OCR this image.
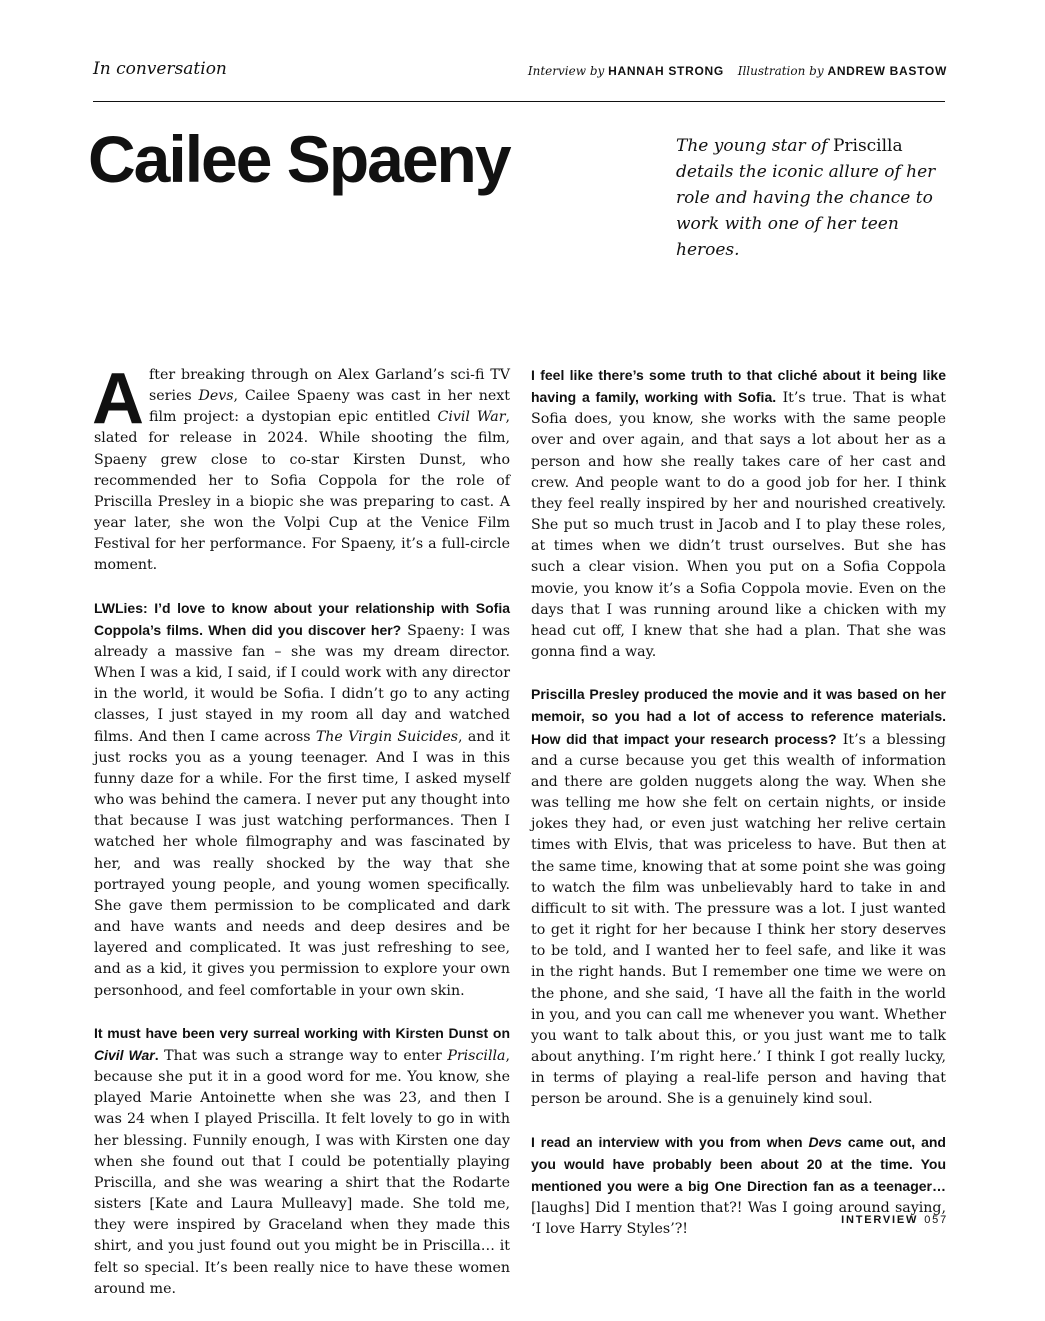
In conversation	Interview by HANNAH STRONG Illustration by ANDREW BASTOW
Cailee Spaeny	The young star of Priscilla details the iconic allure of her role and having the chance to work with one of her teen heroes.

After breaking through on Alex Garland’s sci-fi TV series Devs, Cailee Spaeny was cast in her next film project: a dystopian epic entitled Civil War, slated for release in 2024. While shooting the film, Spaeny grew close to co-star Kirsten Dunst, who recommended her to Sofia Coppola for the role of Priscilla Presley in a biopic she was preparing to cast. A year later, she won the Volpi Cup at the Venice Film Festival for her performance. For Spaeny, it’s a full-circle moment.

LWLies: I’d love to know about your relationship with Sofia Coppola’s films. When did you discover her? Spaeny: I was already a massive fan – she was my dream director. When I was a kid, I said, if I could work with any director in the world, it would be Sofia. I didn’t go to any acting classes, I just stayed in my room all day and watched films. And then I came across The Virgin Suicides, and it just rocks you as a young teenager. And I was in this funny daze for a while. For the first time, I asked myself who was behind the camera. I never put any thought into that because I was just watching performances. Then I watched her whole filmography and was fascinated by her, and was really shocked by the way that she portrayed young people, and young women specifically. She gave them permission to be complicated and dark and have wants and needs and deep desires and be layered and complicated. It was just refreshing to see, and as a kid, it gives you permission to explore your own personhood, and feel comfortable in your own skin.

It must have been very surreal working with Kirsten Dunst on Civil War. That was such a strange way to enter Priscilla, because she put it in a good word for me. You know, she played Marie Antoinette when she was 23, and then I was 24 when I played Priscilla. It felt lovely to go in with her blessing. Funnily enough, I was with Kirsten one day when she found out that I could be potentially playing Priscilla, and she was wearing a shirt that the Rodarte sisters [Kate and Laura Mulleavy] made. She told me, they were inspired by Graceland when they made this shirt, and you just found out you might be in Priscilla… it felt so special. It’s been really nice to have these women around me.

I feel like there’s some truth to that cliché about it being like having a family, working with Sofia. It’s true. That is what Sofia does, you know, she works with the same people over and over again, and that says a lot about her as a person and how she really takes care of her cast and crew. And people want to do a good job for her. I think they feel really inspired by her and nourished creatively. She put so much trust in Jacob and I to play these roles, at times when we didn’t trust ourselves. But she has such a clear vision. When you put on a Sofia Coppola movie, you know it’s a Sofia Coppola movie. Even on the days that I was running around like a chicken with my head cut off, I knew that she had a plan. That she was gonna find a way.

Priscilla Presley produced the movie and it was based on her memoir, so you had a lot of access to reference materials. How did that impact your research process? It’s a blessing and a curse because you get this wealth of information and there are golden nuggets along the way. When she was telling me how she felt on certain nights, or inside jokes they had, or even just watching her relive certain times with Elvis, that was priceless to have. But then at the same time, knowing that at some point she was going to watch the film was unbelievably hard to take in and difficult to sit with. The pressure was a lot. I just wanted to get it right for her because I think her story deserves to be told, and I wanted her to feel safe, and like it was in the right hands. But I remember one time we were on the phone, and she said, ‘I have all the faith in the world in you, and you can call me whenever you want. Whether you want to talk about this, or you just want me to talk about anything. I’m right here.’ I think I got really lucky, in terms of playing a real-life person and having that person be around. She is a genuinely kind soul.

I read an interview with you from when Devs came out, and you would have probably been about 20 at the time. You mentioned you were a big One Direction fan as a teenager… [laughs] Did I mention that?! Was I going around saying, ‘I love Harry Styles’?!

INTERVIEW 057
